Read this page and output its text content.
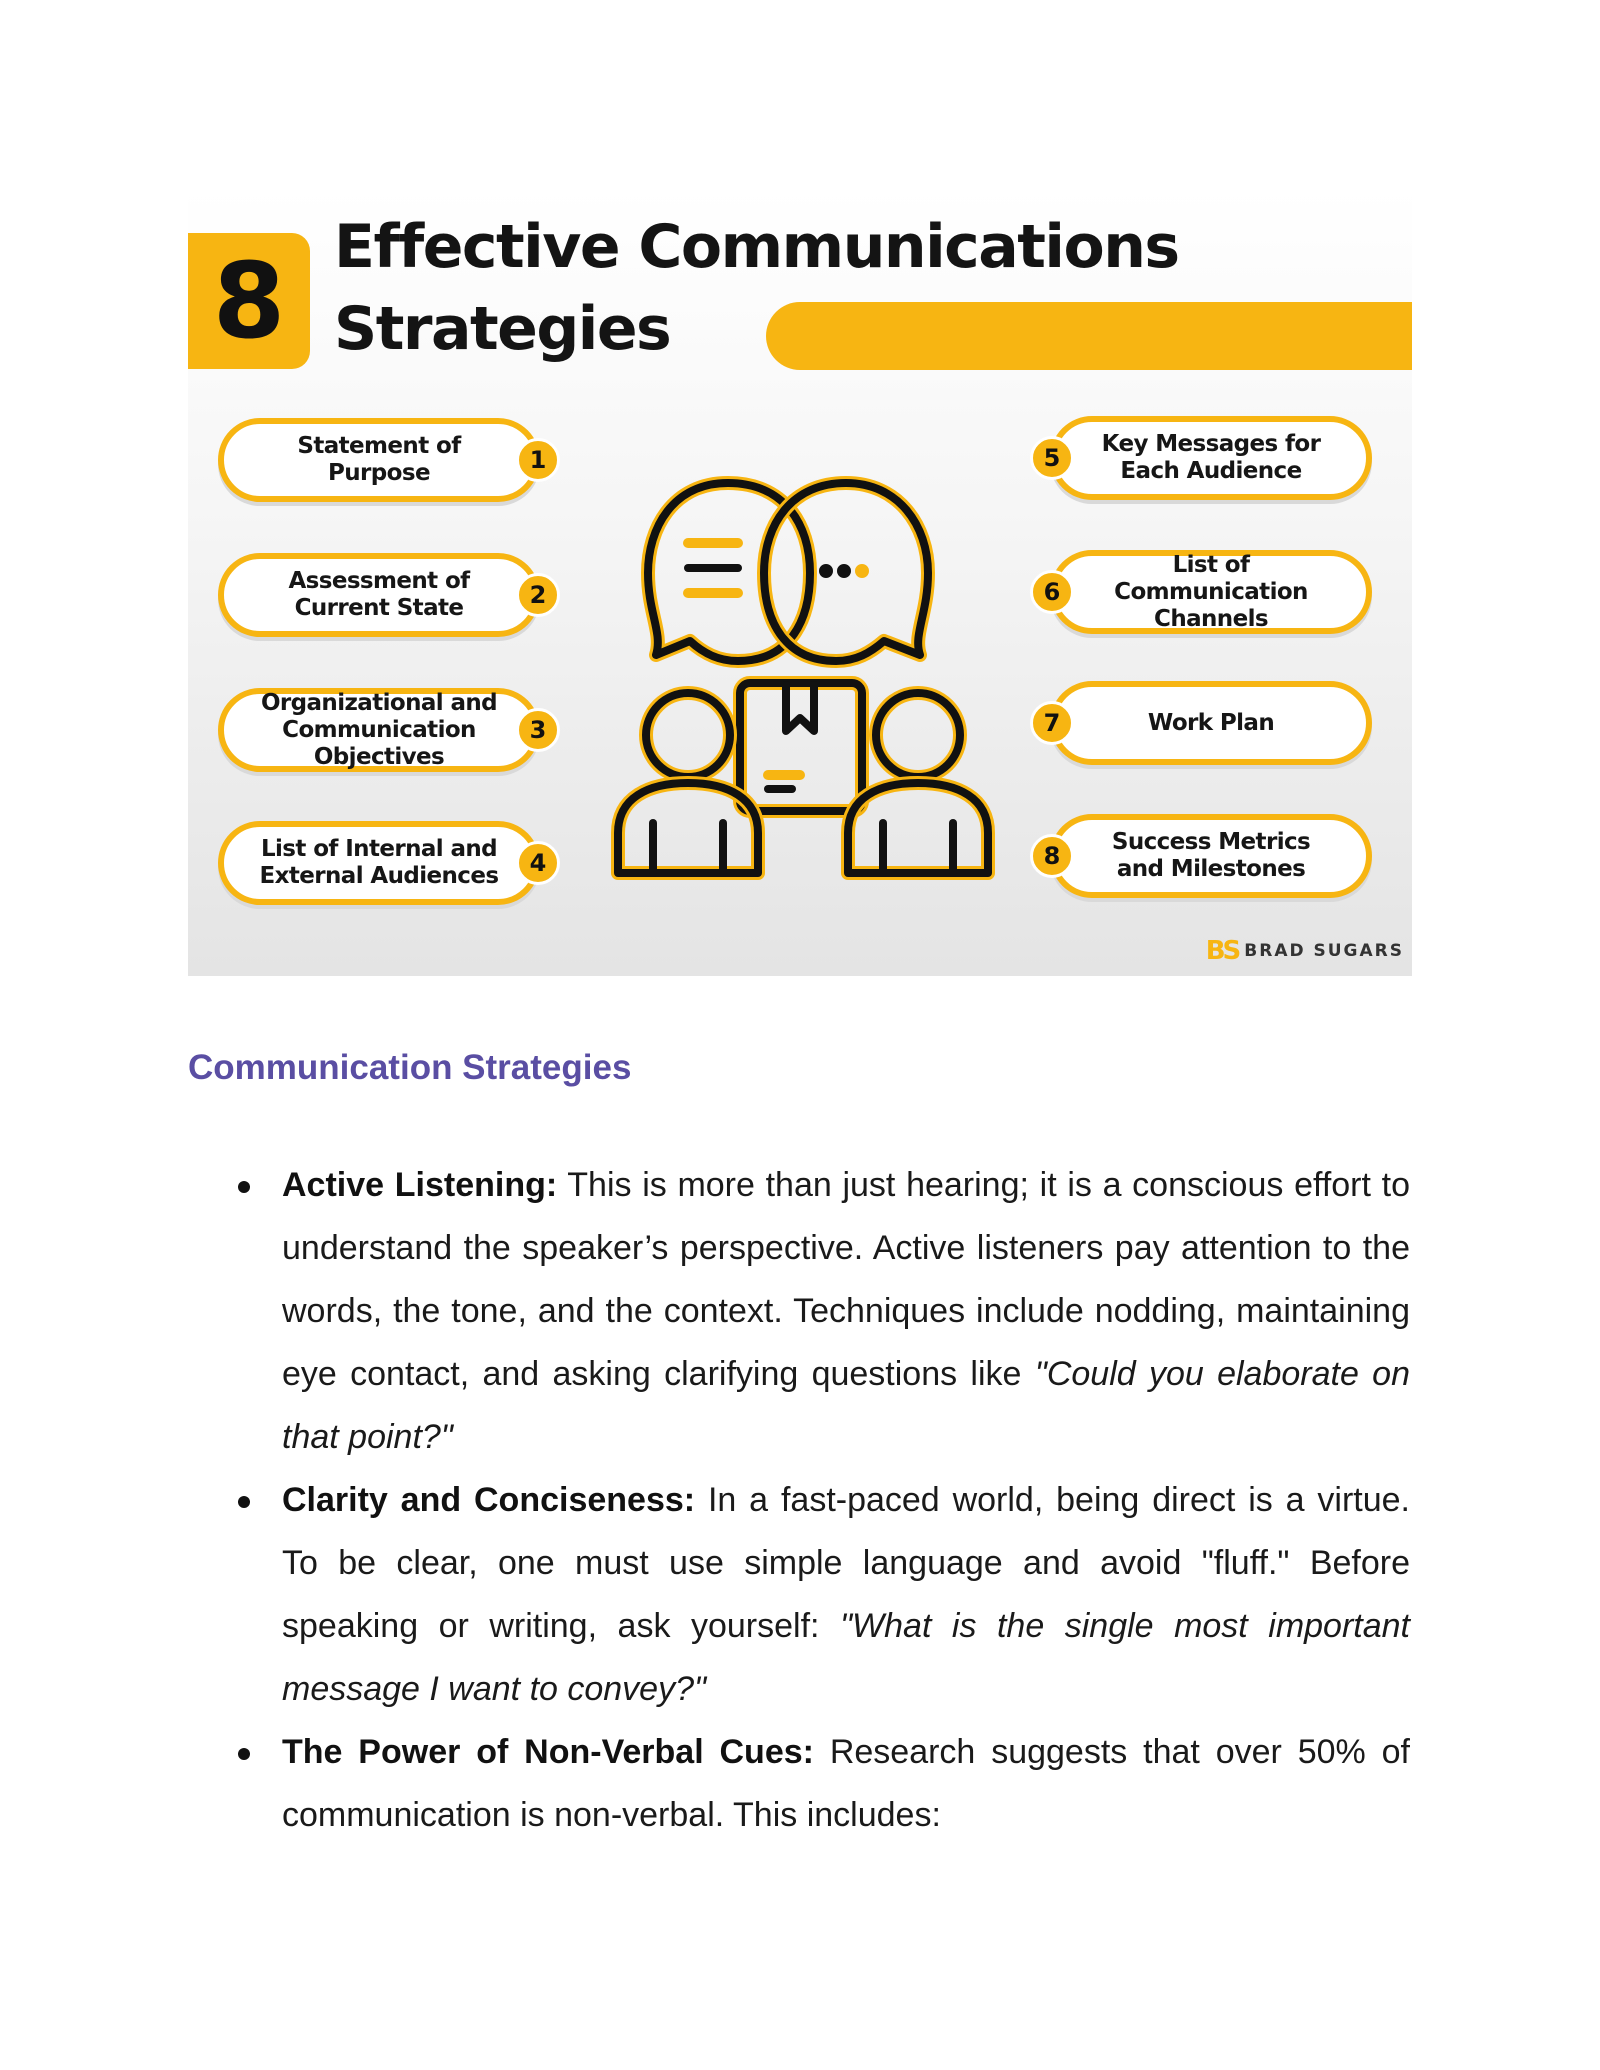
8 Effective Communications
Strategies
Statement of Purpose	1
Assessment of Current State	2
Organizational and Communication Objectives
3
List of Internal and External Audiences	4
5	Key Messages for Each Audience
6
List of Communication Channels
7	Work Plan
8	Success Metrics and Milestones
BS BRAD SUGARS
Communication Strategies
Active Listening: This is more than just hearing; it is a conscious effort to understand the speaker’s perspective. Active listeners pay attention to the words, the tone, and the context. Techniques include nodding, maintaining eye contact, and asking clarifying questions like "Could you elaborate on that point?"
Clarity and Conciseness: In a fast-paced world, being direct is a virtue. To be clear, one must use simple language and avoid "fluff." Before speaking or writing, ask yourself: "What is the single most important message I want to convey?"
The Power of Non-Verbal Cues: Research suggests that over 50% of communication is non-verbal. This includes:
